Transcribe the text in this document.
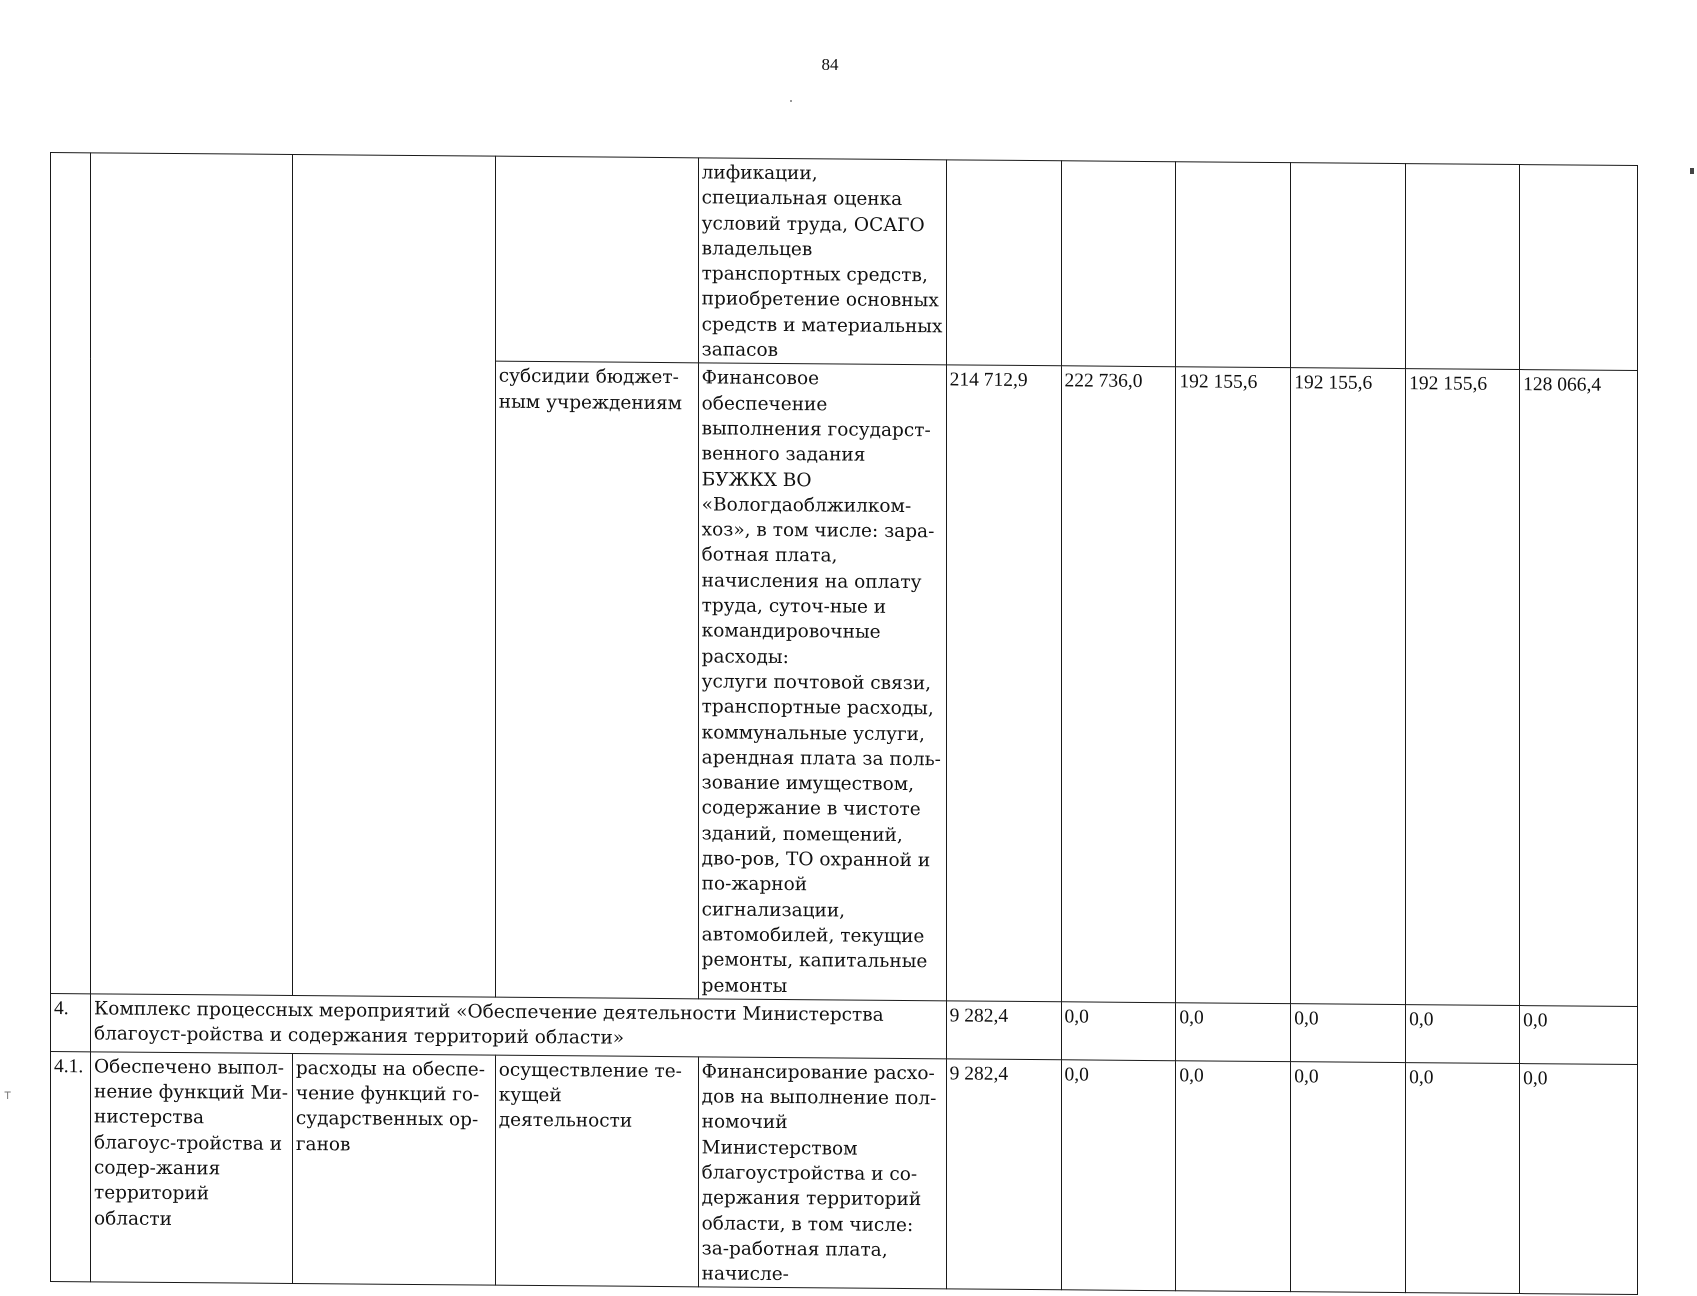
84
⊤
				лификации, специальная оценка условий труда, ОСАГО владельцев транспортных средств, приобретение основных средств и материальных запасов						
			субсидии бюджет-ным учреждениям	Финансовое обеспечение выполнения государст-венного задания БУЖКХ ВО «Вологдаоблжилком-хоз», в том числе: зара-ботная плата, начисления на оплату труда, суточ-ные и командировочные расходы:
услуги почтовой связи, транспортные расходы, коммунальные услуги, арендная плата за поль-зование имуществом, содержание в чистоте зданий, помещений, дво-ров, ТО охранной и по-жарной сигнализации, автомобилей, текущие ремонты, капитальные ремонты	214 712,9	222 736,0	192 155,6	192 155,6	192 155,6	128 066,4
4.	Комплекс процессных мероприятий «Обеспечение деятельности Министерства благоуст-ройства и содержания территорий области»				9 282,4	0,0	0,0	0,0	0,0	0,0
4.1.	Обеспечено выпол-нение функций Ми-нистерства благоус-тройства и содер-жания территорий области	расходы на обеспе-чение функций го-сударственных ор-ганов	осуществление те-кущей деятельности	Финансирование расхо-дов на выполнение пол-номочий Министерством благоустройства и со-держания территорий области, в том числе: за-работная плата, начисле-	9 282,4	0,0	0,0	0,0	0,0	0,0
